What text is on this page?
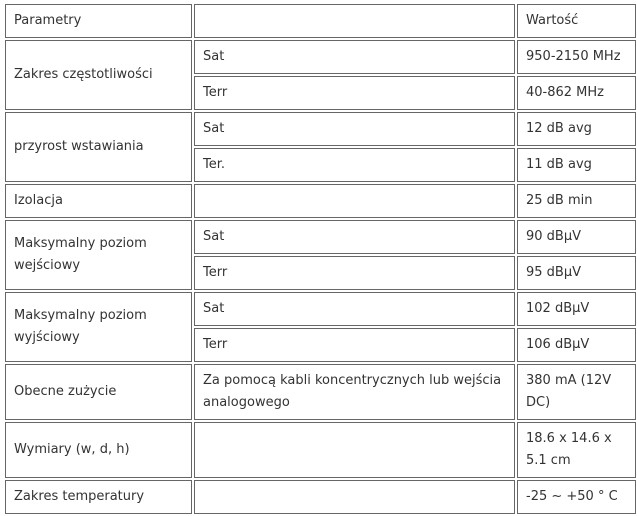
Parametry		Wartość
Zakres częstotliwości	Sat	950-2150 MHz
	Terr	40-862 MHz
przyrost wstawiania	Sat	12 dB avg
	Ter.	11 dB avg
Izolacja		25 dB min
Maksymalny poziom wejściowy	Sat	90 dBµV
	Terr	95 dBµV
Maksymalny poziom wyjściowy	Sat	102 dBµV
	Terr	106 dBµV
Obecne zużycie	Za pomocą kabli koncentrycznych lub wejścia analogowego	380 mA (12V DC)
Wymiary (w, d, h)		18.6 x 14.6 x 5.1 cm
Zakres temperatury		-25 ~ +50 ° C
